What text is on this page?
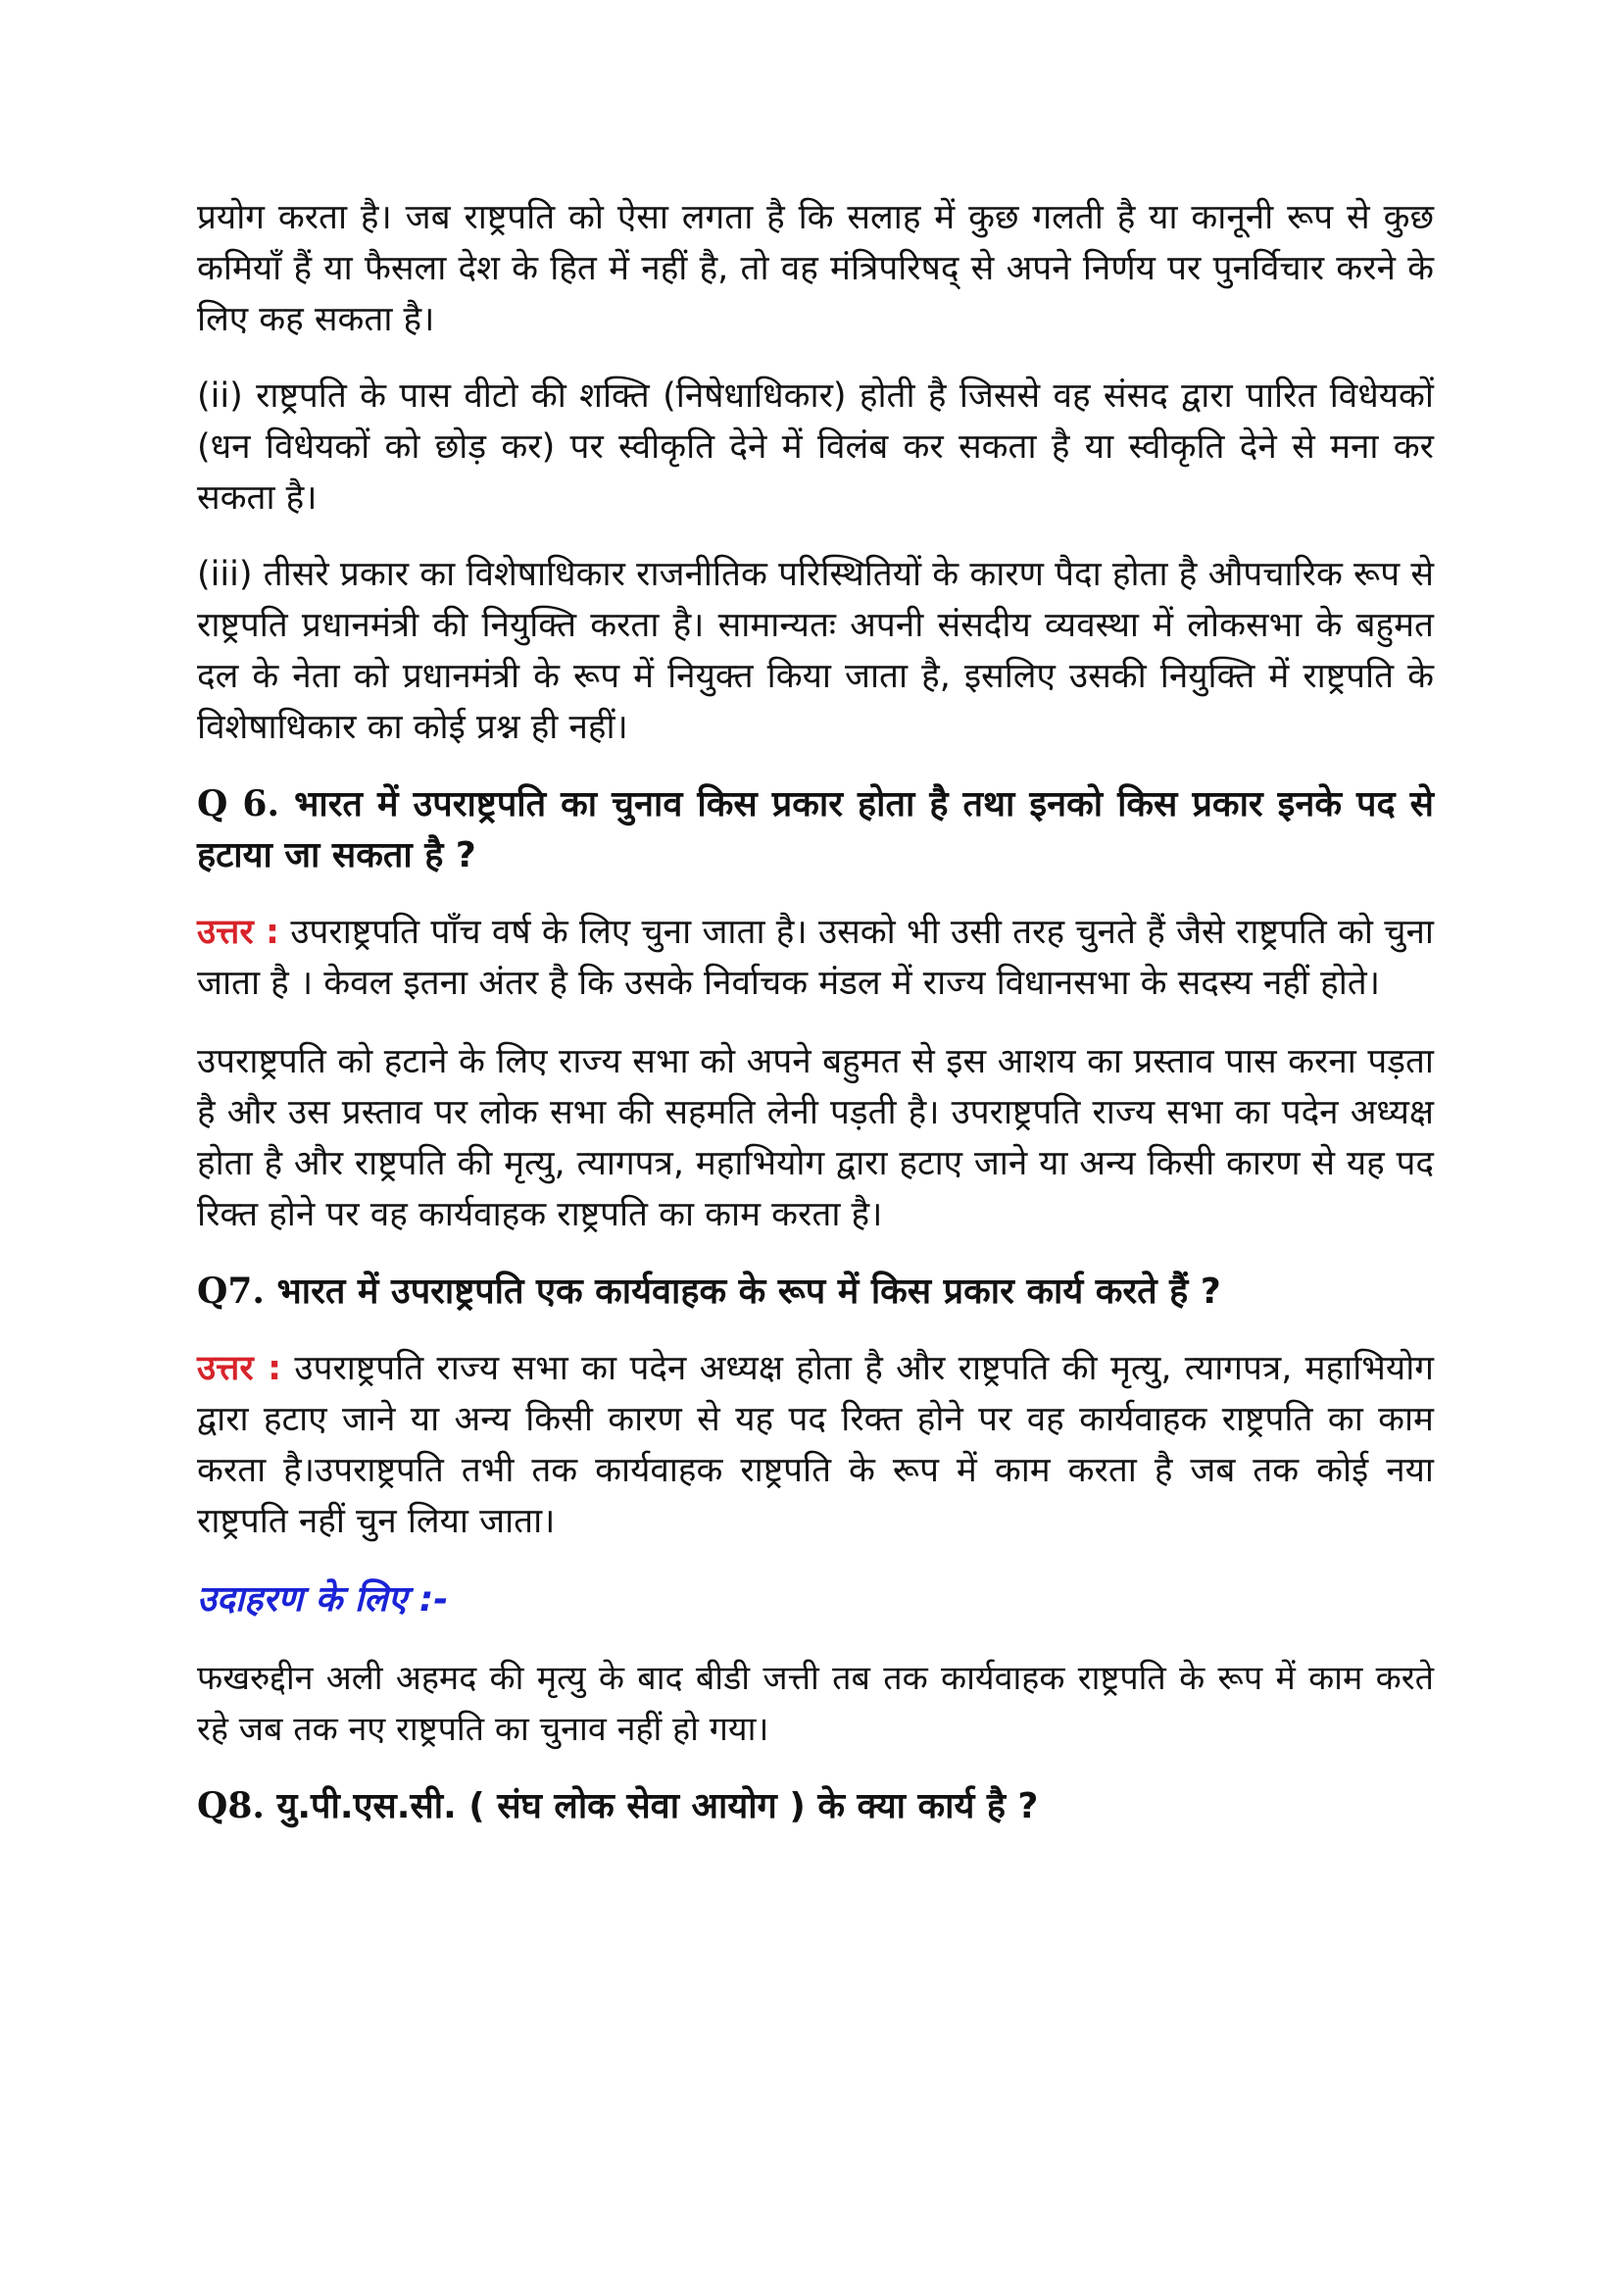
प्रयोग करता है। जब राष्ट्रपति को ऐसा लगता है कि सलाह में कुछ गलती है या कानूनी रूप से कुछ कमियाँ हैं या फैसला देश के हित में नहीं है, तो वह मंत्रिपरिषद् से अपने निर्णय पर पुनर्विचार करने के लिए कह सकता है।

(ii) राष्ट्रपति के पास वीटो की शक्ति (निषेधाधिकार) होती है जिससे वह संसद द्वारा पारित विधेयकों (धन विधेयकों को छोड़ कर) पर स्वीकृति देने में विलंब कर सकता है या स्वीकृति देने से मना कर सकता है।

(iii) तीसरे प्रकार का विशेषाधिकार राजनीतिक परिस्थितियों के कारण पैदा होता है औपचारिक रूप से राष्ट्रपति प्रधानमंत्री की नियुक्ति करता है। सामान्यतः अपनी संसदीय व्यवस्था में लोकसभा के बहुमत दल के नेता को प्रधानमंत्री के रूप में नियुक्त किया जाता है, इसलिए उसकी नियुक्ति में राष्ट्रपति के विशेषाधिकार का कोई प्रश्न ही नहीं।

Q 6. भारत में उपराष्ट्रपति का चुनाव किस प्रकार होता है तथा इनको किस प्रकार इनके पद से हटाया जा सकता है ?

उत्तर : उपराष्ट्रपति पाँच वर्ष के लिए चुना जाता है। उसको भी उसी तरह चुनते हैं जैसे राष्ट्रपति को चुना जाता है । केवल इतना अंतर है कि उसके निर्वाचक मंडल में राज्य विधानसभा के सदस्य नहीं होते।

उपराष्ट्रपति को हटाने के लिए राज्य सभा को अपने बहुमत से इस आशय का प्रस्ताव पास करना पड़ता है और उस प्रस्ताव पर लोक सभा की सहमति लेनी पड़ती है। उपराष्ट्रपति राज्य सभा का पदेन अध्यक्ष होता है और राष्ट्रपति की मृत्यु, त्यागपत्र, महाभियोग द्वारा हटाए जाने या अन्य किसी कारण से यह पद रिक्त होने पर वह कार्यवाहक राष्ट्रपति का काम करता है।

Q7. भारत में उपराष्ट्रपति एक कार्यवाहक के रूप में किस प्रकार कार्य करते हैं ?

उत्तर : उपराष्ट्रपति राज्य सभा का पदेन अध्यक्ष होता है और राष्ट्रपति की मृत्यु, त्यागपत्र, महाभियोग द्वारा हटाए जाने या अन्य किसी कारण से यह पद रिक्त होने पर वह कार्यवाहक राष्ट्रपति का काम करता है।उपराष्ट्रपति तभी तक कार्यवाहक राष्ट्रपति के रूप में काम करता है जब तक कोई नया राष्ट्रपति नहीं चुन लिया जाता।

उदाहरण के लिए :-

फखरुद्दीन अली अहमद की मृत्यु के बाद बीडी जत्ती तब तक कार्यवाहक राष्ट्रपति के रूप में काम करते रहे जब तक नए राष्ट्रपति का चुनाव नहीं हो गया।

Q8. यु.पी.एस.सी. ( संघ लोक सेवा आयोग ) के क्या कार्य है ?
